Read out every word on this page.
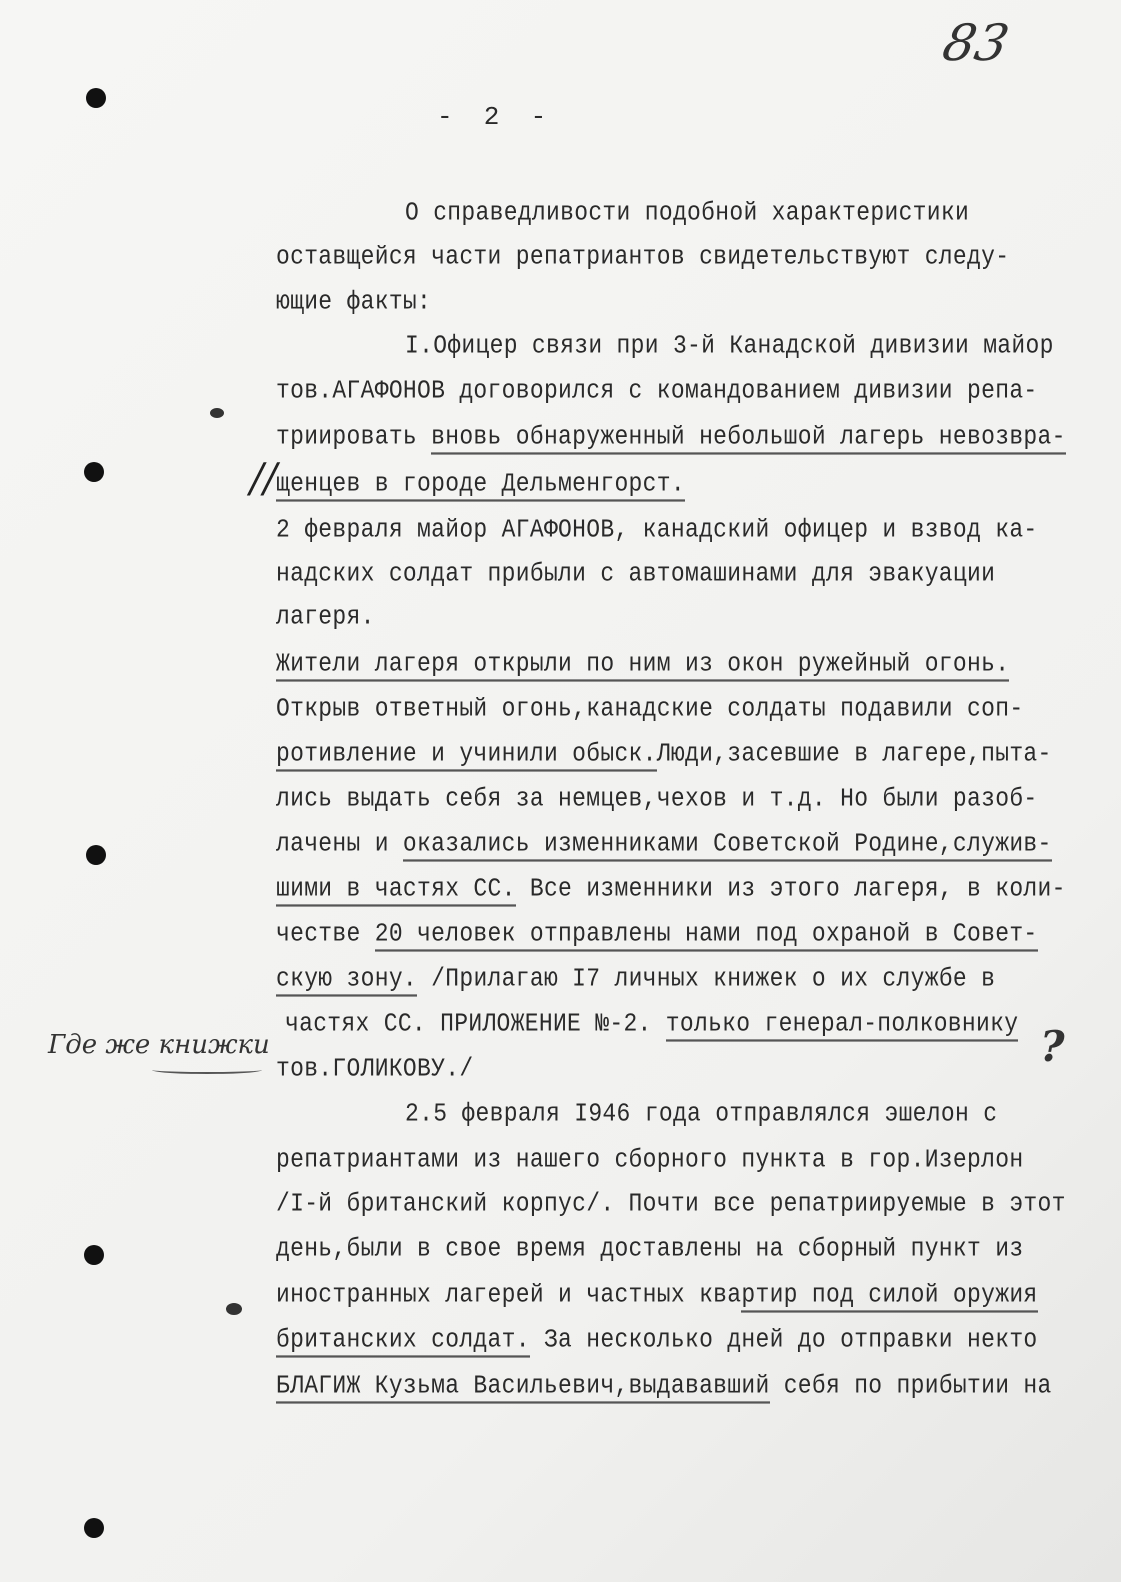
83
-  2  -
О справедливости подобной характеристики
оставщейся части репатриантов свидетельствуют следу-
ющие факты:
I.Офицер связи при 3-й Канадской дивизии майор
тов.АГАФОНОВ договорился с командованием дивизии репа-
триировать вновь обнаруженный небольшой лагерь невозвра-
щенцев в городе Дельменгорст.
2 февраля майор АГАФОНОВ, канадский офицер и взвод ка-
надских солдат прибыли с автомашинами для эвакуации
лагеря.
Жители лагеря открыли по ним из окон ружейный огонь.
Открыв ответный огонь,канадские солдаты подавили соп-
ротивление и учинили обыск.Люди,засевшие в лагере,пыта-
лись выдать себя за немцев,чехов и т.д. Но были разоб-
лачены и оказались изменниками Советской Родине,служив-
шими в частях СС. Все изменники из этого лагеря, в коли-
честве 20 человек отправлены нами под охраной в Совет-
скую зону. /Прилагаю I7 личных книжек о их службе в
частях СС. ПРИЛОЖЕНИЕ №-2. только генерал-полковнику
тов.ГОЛИКОВУ./
2.5 февраля I946 года отправлялся эшелон с
репатриантами из нашего сборного пункта в гор.Изерлон
/I-й британский корпус/. Почти все репатриируемые в этот
день,были в свое время доставлены на сборный пункт из
иностранных лагерей и частных квартир под силой оружия
британских солдат. За несколько дней до отправки некто
БЛАГИЖ Кузьма Васильевич,выдававший себя по прибытии на
//
Где же книжки	?
